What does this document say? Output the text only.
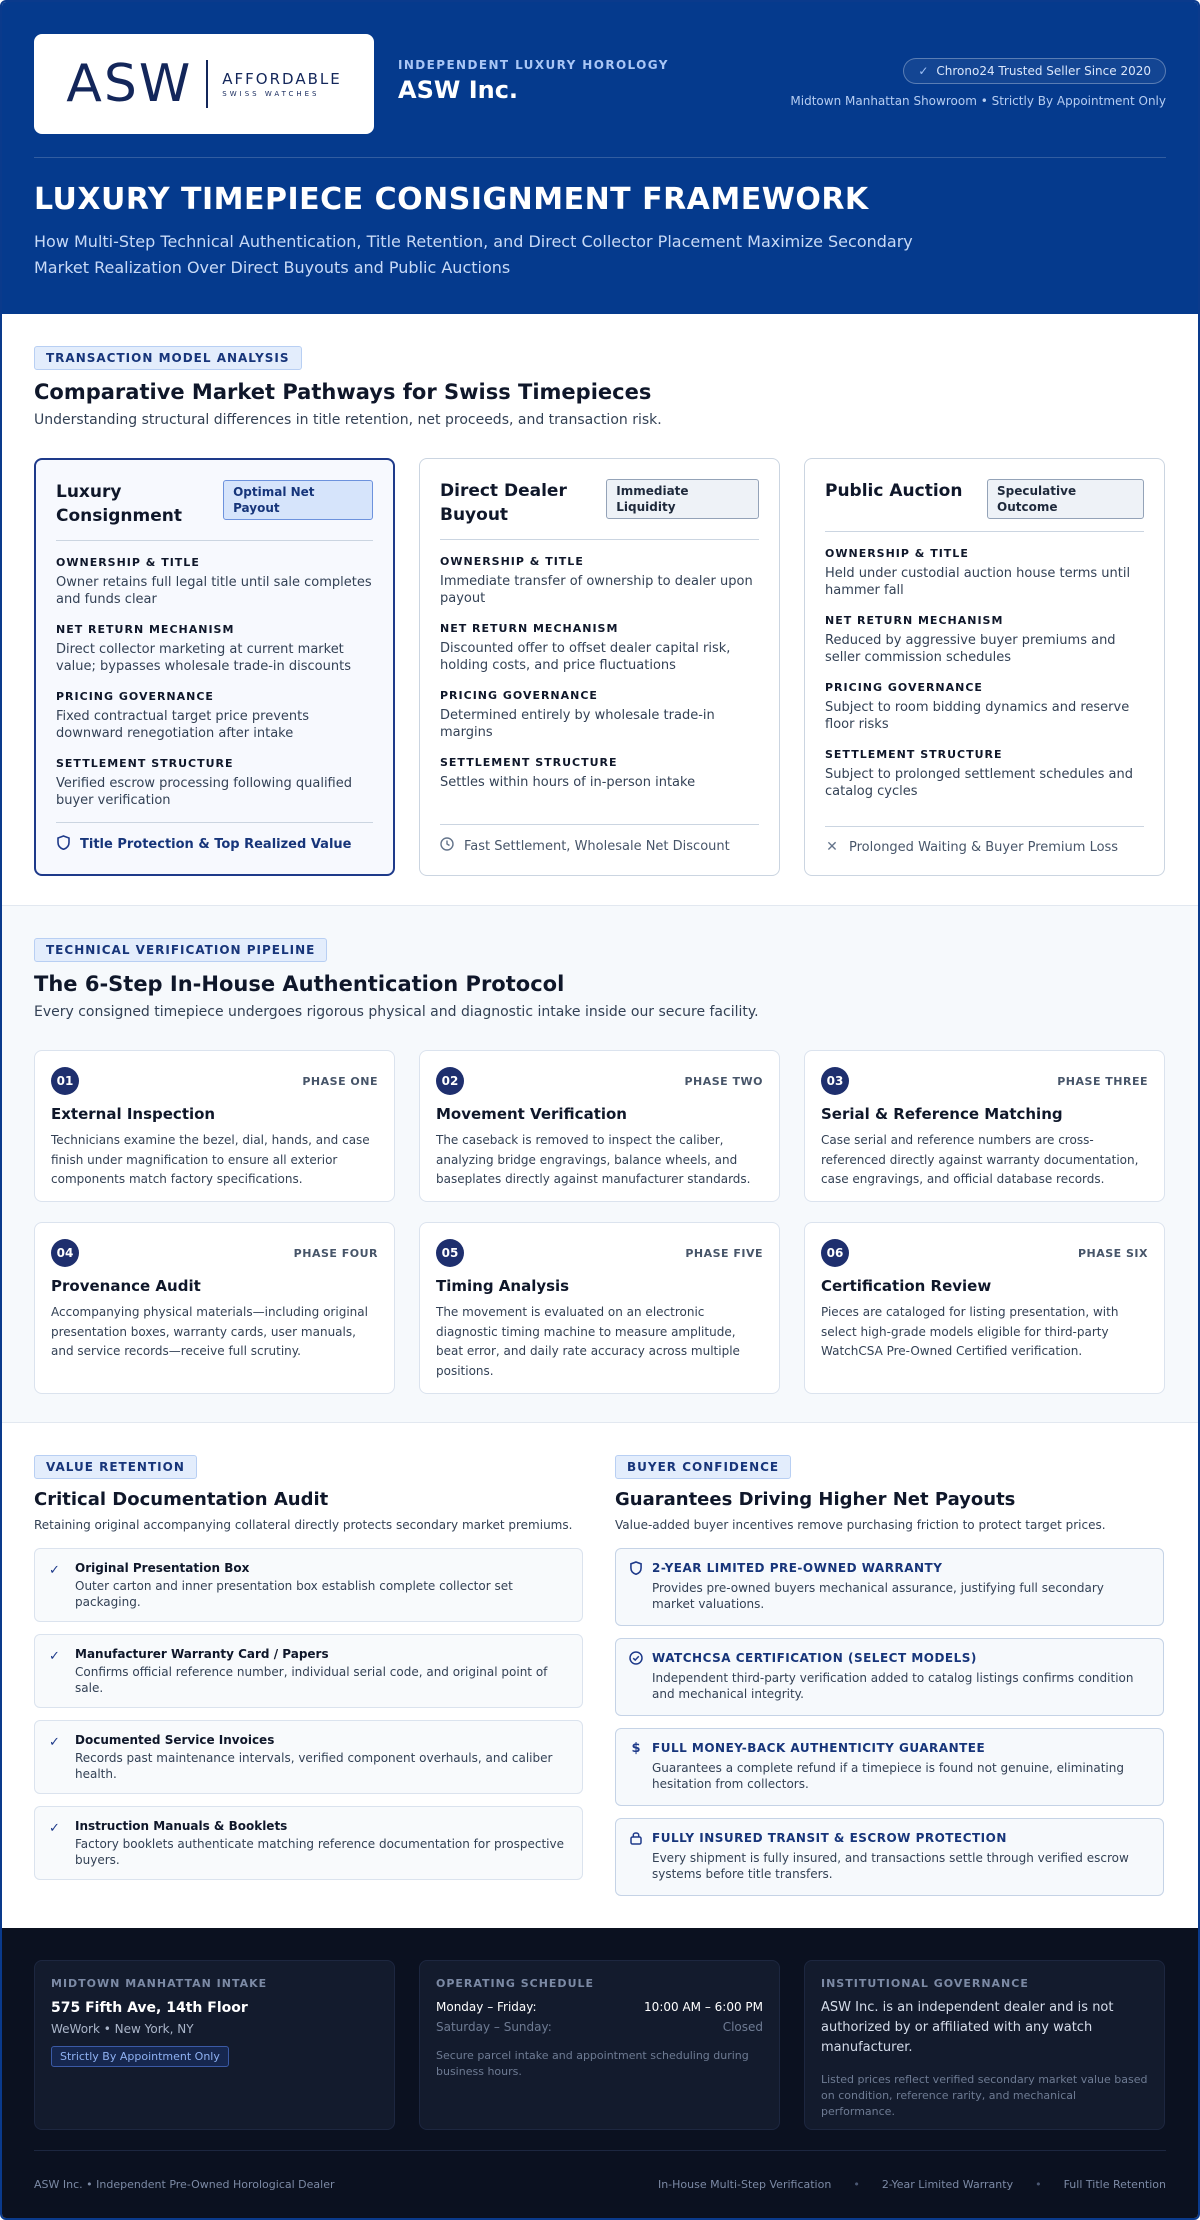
ASW AFFORDABLE
SWISS WATCHES
INDEPENDENT LUXURY HOROLOGY
ASW Inc.
✓ Chrono24 Trusted Seller Since 2020
Midtown Manhattan Showroom • Strictly By Appointment Only
LUXURY TIMEPIECE CONSIGNMENT FRAMEWORK

How Multi-Step Technical Authentication, Title Retention, and Direct Collector Placement Maximize Secondary Market Realization Over Direct Buyouts and Public Auctions

TRANSACTION MODEL ANALYSIS
Comparative Market Pathways for Swiss Timepieces

Understanding structural differences in title retention, net proceeds, and transaction risk.

Luxury Consignment
Optimal Net Payout
OWNERSHIP & TITLE
Owner retains full legal title until sale completes and funds clear
NET RETURN MECHANISM
Direct collector marketing at current market value; bypasses wholesale trade-in discounts
PRICING GOVERNANCE
Fixed contractual target price prevents downward renegotiation after intake
SETTLEMENT STRUCTURE
Verified escrow processing following qualified buyer verification
Title Protection & Top Realized Value
Direct Dealer Buyout
Immediate Liquidity
OWNERSHIP & TITLE
Immediate transfer of ownership to dealer upon payout
NET RETURN MECHANISM
Discounted offer to offset dealer capital risk, holding costs, and price fluctuations
PRICING GOVERNANCE
Determined entirely by wholesale trade-in margins
SETTLEMENT STRUCTURE
Settles within hours of in-person intake
Fast Settlement, Wholesale Net Discount
Public Auction	Speculative Outcome
OWNERSHIP & TITLE
Held under custodial auction house terms until hammer fall
NET RETURN MECHANISM
Reduced by aggressive buyer premiums and seller commission schedules
PRICING GOVERNANCE
Subject to room bidding dynamics and reserve floor risks
SETTLEMENT STRUCTURE
Subject to prolonged settlement schedules and catalog cycles
✕ Prolonged Waiting & Buyer Premium Loss
TECHNICAL VERIFICATION PIPELINE
The 6-Step In-House Authentication Protocol

Every consigned timepiece undergoes rigorous physical and diagnostic intake inside our secure facility.

01	PHASE ONE
External Inspection
Technicians examine the bezel, dial, hands, and case finish under magnification to ensure all exterior components match factory specifications.
02	PHASE TWO
Movement Verification
The caseback is removed to inspect the caliber, analyzing bridge engravings, balance wheels, and baseplates directly against manufacturer standards.
03	PHASE THREE
Serial & Reference Matching
Case serial and reference numbers are cross-referenced directly against warranty documentation, case engravings, and official database records.
04	PHASE FOUR
Provenance Audit
Accompanying physical materials—including original presentation boxes, warranty cards, user manuals, and service records—receive full scrutiny.
05	PHASE FIVE
Timing Analysis
The movement is evaluated on an electronic diagnostic timing machine to measure amplitude, beat error, and daily rate accuracy across multiple positions.
06	PHASE SIX
Certification Review
Pieces are cataloged for listing presentation, with select high-grade models eligible for third-party WatchCSA Pre-Owned Certified verification.
VALUE RETENTION
Critical Documentation Audit

Retaining original accompanying collateral directly protects secondary market premiums.

✓ Original Presentation Box
Outer carton and inner presentation box establish complete collector set packaging.
✓ Manufacturer Warranty Card / Papers
Confirms official reference number, individual serial code, and original point of sale.
✓ Documented Service Invoices
Records past maintenance intervals, verified component overhauls, and caliber health.
✓ Instruction Manuals & Booklets
Factory booklets authenticate matching reference documentation for prospective buyers.
BUYER CONFIDENCE
Guarantees Driving Higher Net Payouts

Value-added buyer incentives remove purchasing friction to protect target prices.

2-YEAR LIMITED PRE-OWNED WARRANTY
Provides pre-owned buyers mechanical assurance, justifying full secondary market valuations.
WATCHCSA CERTIFICATION (SELECT MODELS)
Independent third-party verification added to catalog listings confirms condition and mechanical integrity.
$ FULL MONEY-BACK AUTHENTICITY GUARANTEE
Guarantees a complete refund if a timepiece is found not genuine, eliminating hesitation from collectors.
FULLY INSURED TRANSIT & ESCROW PROTECTION
Every shipment is fully insured, and transactions settle through verified escrow systems before title transfers.
MIDTOWN MANHATTAN INTAKE
575 Fifth Ave, 14th Floor
WeWork • New York, NY
Strictly By Appointment Only
OPERATING SCHEDULE
Monday – Friday:	10:00 AM – 6:00 PM
Saturday – Sunday:	Closed
Secure parcel intake and appointment scheduling during business hours.
INSTITUTIONAL GOVERNANCE
ASW Inc. is an independent dealer and is not authorized by or affiliated with any watch manufacturer.
Listed prices reflect verified secondary market value based on condition, reference rarity, and mechanical performance.
ASW Inc. • Independent Pre-Owned Horological Dealer	In-House Multi-Step Verification • 2-Year Limited Warranty • Full Title Retention
